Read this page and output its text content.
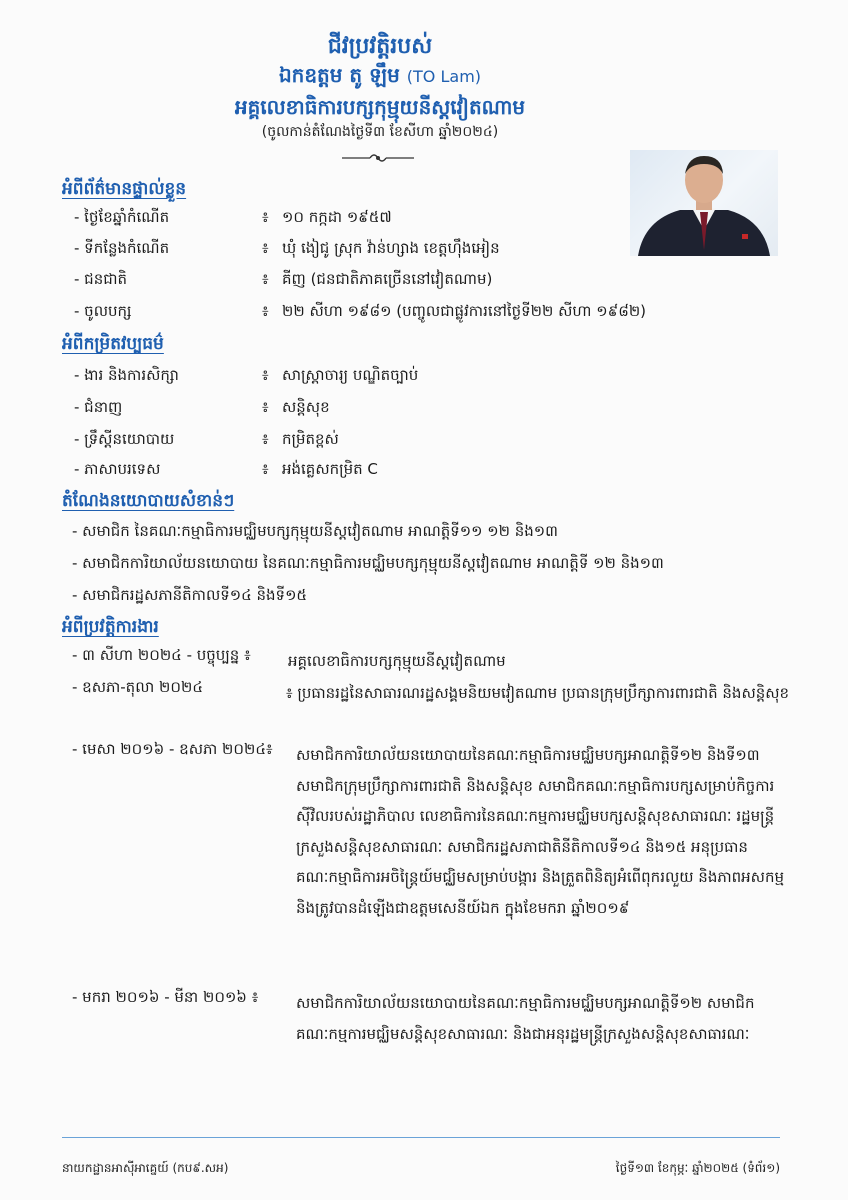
ជីវប្រវត្តិរបស់
ឯកឧត្តម តូ ឡឹម (TO Lam)
អគ្គលេខាធិការបក្សកុម្មុយនីស្តវៀតណាម
(ចូលកាន់តំណែងថ្ងៃទី៣ ខែសីហា ឆ្នាំ២០២៤)
អំពីព័ត៌មានផ្ទាល់ខ្លួន
- ថ្ងៃខែឆ្នាំកំណើត	៖ ១០ កក្កដា ១៩៥៧
- ទីកន្លែងកំណើត	៖ ឃុំ ងៀជូ ស្រុក វ៉ាន់ហ្សាង ខេត្តហ៊ឹងអៀន
- ជនជាតិ	៖ គីញ (ជនជាតិភាគច្រើននៅវៀតណាម)
- ចូលបក្ស	៖ ២២ សីហា ១៩៨១ (បញ្ចូលជាផ្លូវការនៅថ្ងៃទី២២ សីហា ១៩៨២)
អំពីកម្រិតវប្បធម៌
- ងារ និងការសិក្សា	៖ សាស្ត្រាចារ្យ បណ្ឌិតច្បាប់
- ជំនាញ	៖ សន្តិសុខ
- ទ្រឹស្តីនយោបាយ	៖ កម្រិតខ្ពស់
- ភាសាបរទេស	៖ អង់គ្លេសកម្រិត C
តំណែងនយោបាយសំខាន់ៗ
- សមាជិក នៃគណៈកម្មាធិការមជ្ឈិមបក្សកុម្មុយនីស្តវៀតណាម អាណត្តិទី១១ ១២ និង១៣
- សមាជិកការិយាល័យនយោបាយ នៃគណៈកម្មាធិការមជ្ឈិមបក្សកុម្មុយនីស្តវៀតណាម អាណត្តិទី ១២ និង១៣
- សមាជិករដ្ឋសភានីតិកាលទី១៤ និងទី១៥
អំពីប្រវត្តិការងារ
- ៣ សីហា ២០២៤ - បច្ចុប្បន្ន ៖ អគ្គលេខាធិការបក្សកុម្មុយនីស្តវៀតណាម
- ឧសភា-តុលា ២០២៤	៖ ប្រធានរដ្ឋនៃសាធារណរដ្ឋសង្គមនិយមវៀតណាម ប្រធានក្រុមប្រឹក្សាការពារជាតិ និងសន្តិសុខ
- មេសា ២០១៦ - ឧសភា ២០២៤៖ សមាជិកការិយាល័យនយោបាយនៃគណៈកម្មាធិការមជ្ឈិមបក្សអាណត្តិទី១២ និងទី១៣ សមាជិកក្រុមប្រឹក្សាការពារជាតិ និងសន្តិសុខ សមាជិកគណៈកម្មាធិការបក្សសម្រាប់កិច្ចការស៊ីវិលរបស់រដ្ឋាភិបាល លេខាធិការនៃគណៈកម្មការមជ្ឈិមបក្សសន្តិសុខសាធារណៈ រដ្ឋមន្ត្រីក្រសួងសន្តិសុខសាធារណៈ សមាជិករដ្ឋសភាជាតិនីតិកាលទី១៤ និង១៥ អនុប្រធានគណៈកម្មាធិការអចិន្ត្រៃយ៍មជ្ឈិមសម្រាប់បង្ការ និងត្រួតពិនិត្យអំពើពុករលួយ និងភាពអសកម្ម និងត្រូវបានដំឡើងជាឧត្តមសេនីយ៍ឯក ក្នុងខែមករា ឆ្នាំ២០១៩
- មករា ២០១៦ - មីនា ២០១៦ ៖	សមាជិកការិយាល័យនយោបាយនៃគណៈកម្មាធិការមជ្ឈិមបក្សអាណត្តិទី១២ សមាជិកគណៈកម្មការមជ្ឈិមសន្តិសុខសាធារណៈ និងជាអនុរដ្ឋមន្ត្រីក្រសួងសន្តិសុខសាធារណៈ
នាយកដ្ឋានអាស៊ីអាគ្នេយ៍ (កប៩.សអ)	ថ្ងៃទី១៣ ខែកុម្ភៈ ឆ្នាំ២០២៥ (ទំព័រ១)
